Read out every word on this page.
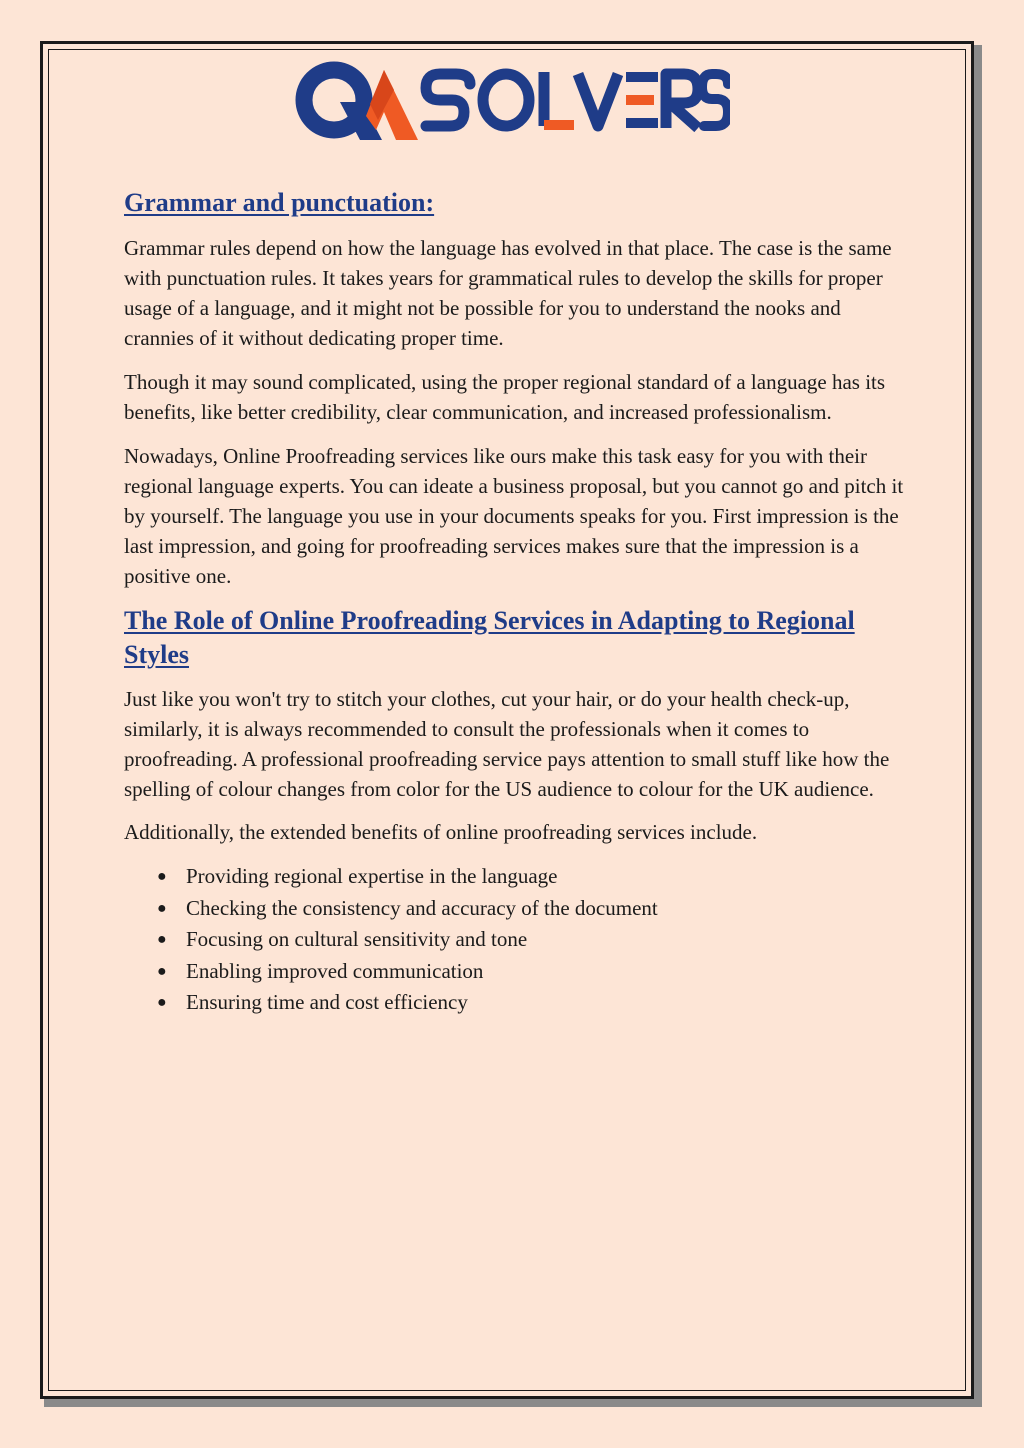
Grammar and punctuation:

Grammar rules depend on how the language has evolved in that place. The case is the same with punctuation rules. It takes years for grammatical rules to develop the skills for proper usage of a language, and it might not be possible for you to understand the nooks and crannies of it without dedicating proper time.

Though it may sound complicated, using the proper regional standard of a language has its benefits, like better credibility, clear communication, and increased professionalism.

Nowadays, Online Proofreading services like ours make this task easy for you with their regional language experts. You can ideate a business proposal, but you cannot go and pitch it by yourself. The language you use in your documents speaks for you. First impression is the last impression, and going for proofreading services makes sure that the impression is a positive one.

The Role of Online Proofreading Services in Adapting to Regional Styles

Just like you won't try to stitch your clothes, cut your hair, or do your health check-up, similarly, it is always recommended to consult the professionals when it comes to proofreading. A professional proofreading service pays attention to small stuff like how the spelling of colour changes from color for the US audience to colour for the UK audience.

Additionally, the extended benefits of online proofreading services include.

● Providing regional expertise in the language
● Checking the consistency and accuracy of the document
● Focusing on cultural sensitivity and tone
● Enabling improved communication
● Ensuring time and cost efficiency
